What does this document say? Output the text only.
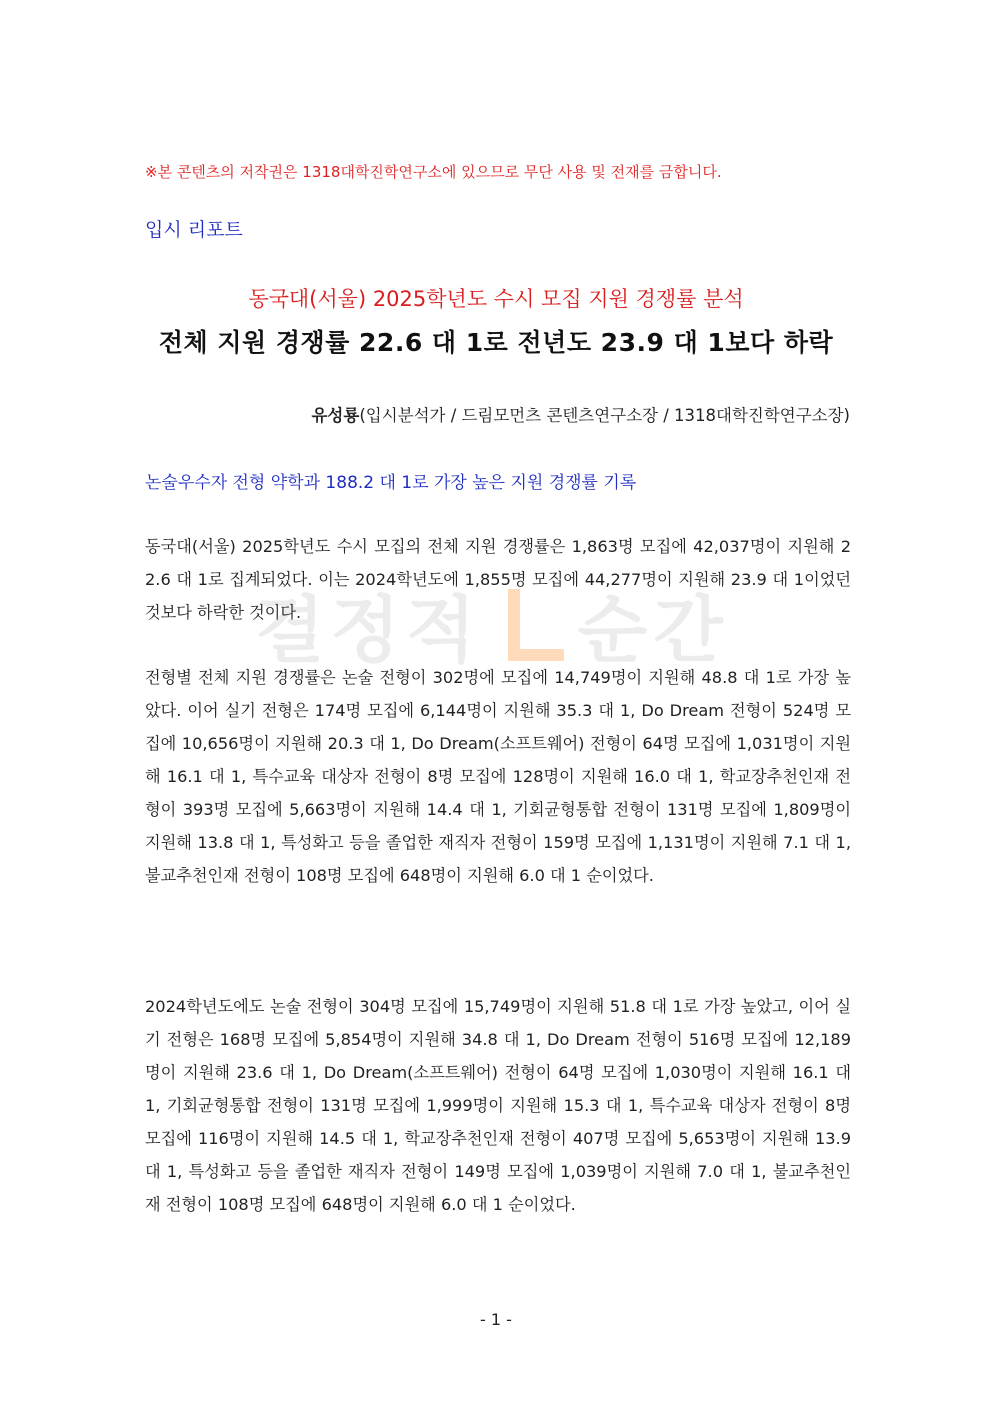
※본 콘텐츠의 저작권은 1318대학진학연구소에 있으므로 무단 사용 및 전재를 금합니다.
입시 리포트
동국대(서울) 2025학년도 수시 모집 지원 경쟁률 분석
전체 지원 경쟁률 22.6 대 1로 전년도 23.9 대 1보다 하락
유성룡(입시분석가 / 드림모먼츠 콘텐츠연구소장 / 1318대학진학연구소장)
논술우수자 전형 약학과 188.2 대 1로 가장 높은 지원 경쟁률 기록
결정적 순간

동국대(서울) 2025학년도 수시 모집의 전체 지원 경쟁률은 1,863명 모집에 42,037명이 지원해 22.6 대 1로 집계되었다. 이는 2024학년도에 1,855명 모집에 44,277명이 지원해 23.9 대 1이었던 것보다 하락한 것이다.

전형별 전체 지원 경쟁률은 논술 전형이 302명에 모집에 14,749명이 지원해 48.8 대 1로 가장 높았다. 이어 실기 전형은 174명 모집에 6,144명이 지원해 35.3 대 1, Do Dream 전형이 524명 모집에 10,656명이 지원해 20.3 대 1, Do Dream(소프트웨어) 전형이 64명 모집에 1,031명이 지원해 16.1 대 1, 특수교육 대상자 전형이 8명 모집에 128명이 지원해 16.0 대 1, 학교장추천인재 전형이 393명 모집에 5,663명이 지원해 14.4 대 1, 기회균형통합 전형이 131명 모집에 1,809명이 지원해 13.8 대 1, 특성화고 등을 졸업한 재직자 전형이 159명 모집에 1,131명이 지원해 7.1 대 1, 불교추천인재 전형이 108명 모집에 648명이 지원해 6.0 대 1 순이었다.

2024학년도에도 논술 전형이 304명 모집에 15,749명이 지원해 51.8 대 1로 가장 높았고, 이어 실기 전형은 168명 모집에 5,854명이 지원해 34.8 대 1, Do Dream 전형이 516명 모집에 12,189명이 지원해 23.6 대 1, Do Dream(소프트웨어) 전형이 64명 모집에 1,030명이 지원해 16.1 대 1, 기회균형통합 전형이 131명 모집에 1,999명이 지원해 15.3 대 1, 특수교육 대상자 전형이 8명 모집에 116명이 지원해 14.5 대 1, 학교장추천인재 전형이 407명 모집에 5,653명이 지원해 13.9 대 1, 특성화고 등을 졸업한 재직자 전형이 149명 모집에 1,039명이 지원해 7.0 대 1, 불교추천인재 전형이 108명 모집에 648명이 지원해 6.0 대 1 순이었다.

- 1 -
